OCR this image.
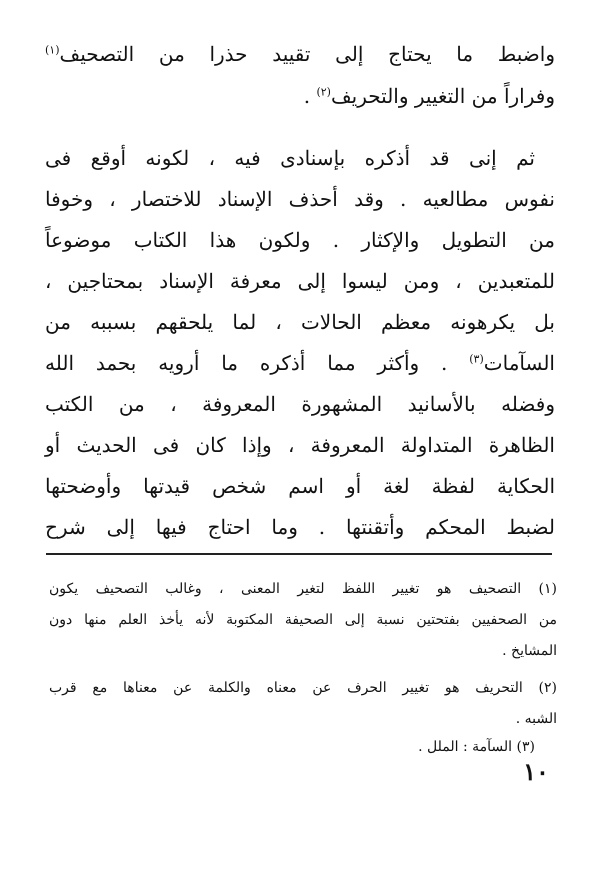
واضبط ما يحتاج إلى تقييد حذرا من التصحيف$^{(١)}$
وفراراً من التغيير والتحريف$^{(٢)}$ .
ثم إنى قد أذكره بإسنادى فيه ، لكونه أوقع فى
نفوس مطالعيه . وقد أحذف الإسناد للاختصار ، وخوفا
من التطويل والإكثار . ولكون هذا الكتاب موضوعاً
للمتعبدين ، ومن ليسوا إلى معرفة الإسناد بمحتاجين ،
بل يكرهونه معظم الحالات ، لما يلحقهم بسببه من
السآمات$^{(٣)}$ . وأكثر مما أذكره ما أرويه بحمد الله
وفضله بالأسانيد المشهورة المعروفة ، من الكتب
الظاهرة المتداولة المعروفة ، وإذا كان فى الحديث أو
الحكاية لفظة لغة أو اسم شخص قيدتها وأوضحتها
لضبط المحكم وأتقنتها . وما احتاج فيها إلى شرح
(١) التصحيف هو تغيير اللفظ لتغير المعنى ، وغالب التصحيف يكون
من الصحفيين بفتحتين نسبة إلى الصحيفة المكتوبة لأنه يأخذ العلم منها دون
المشايخ .
(٢) التحريف هو تغيير الحرف عن معناه والكلمة عن معناها مع قرب
الشبه .
(٣) السآمة : الملل .
١٠
